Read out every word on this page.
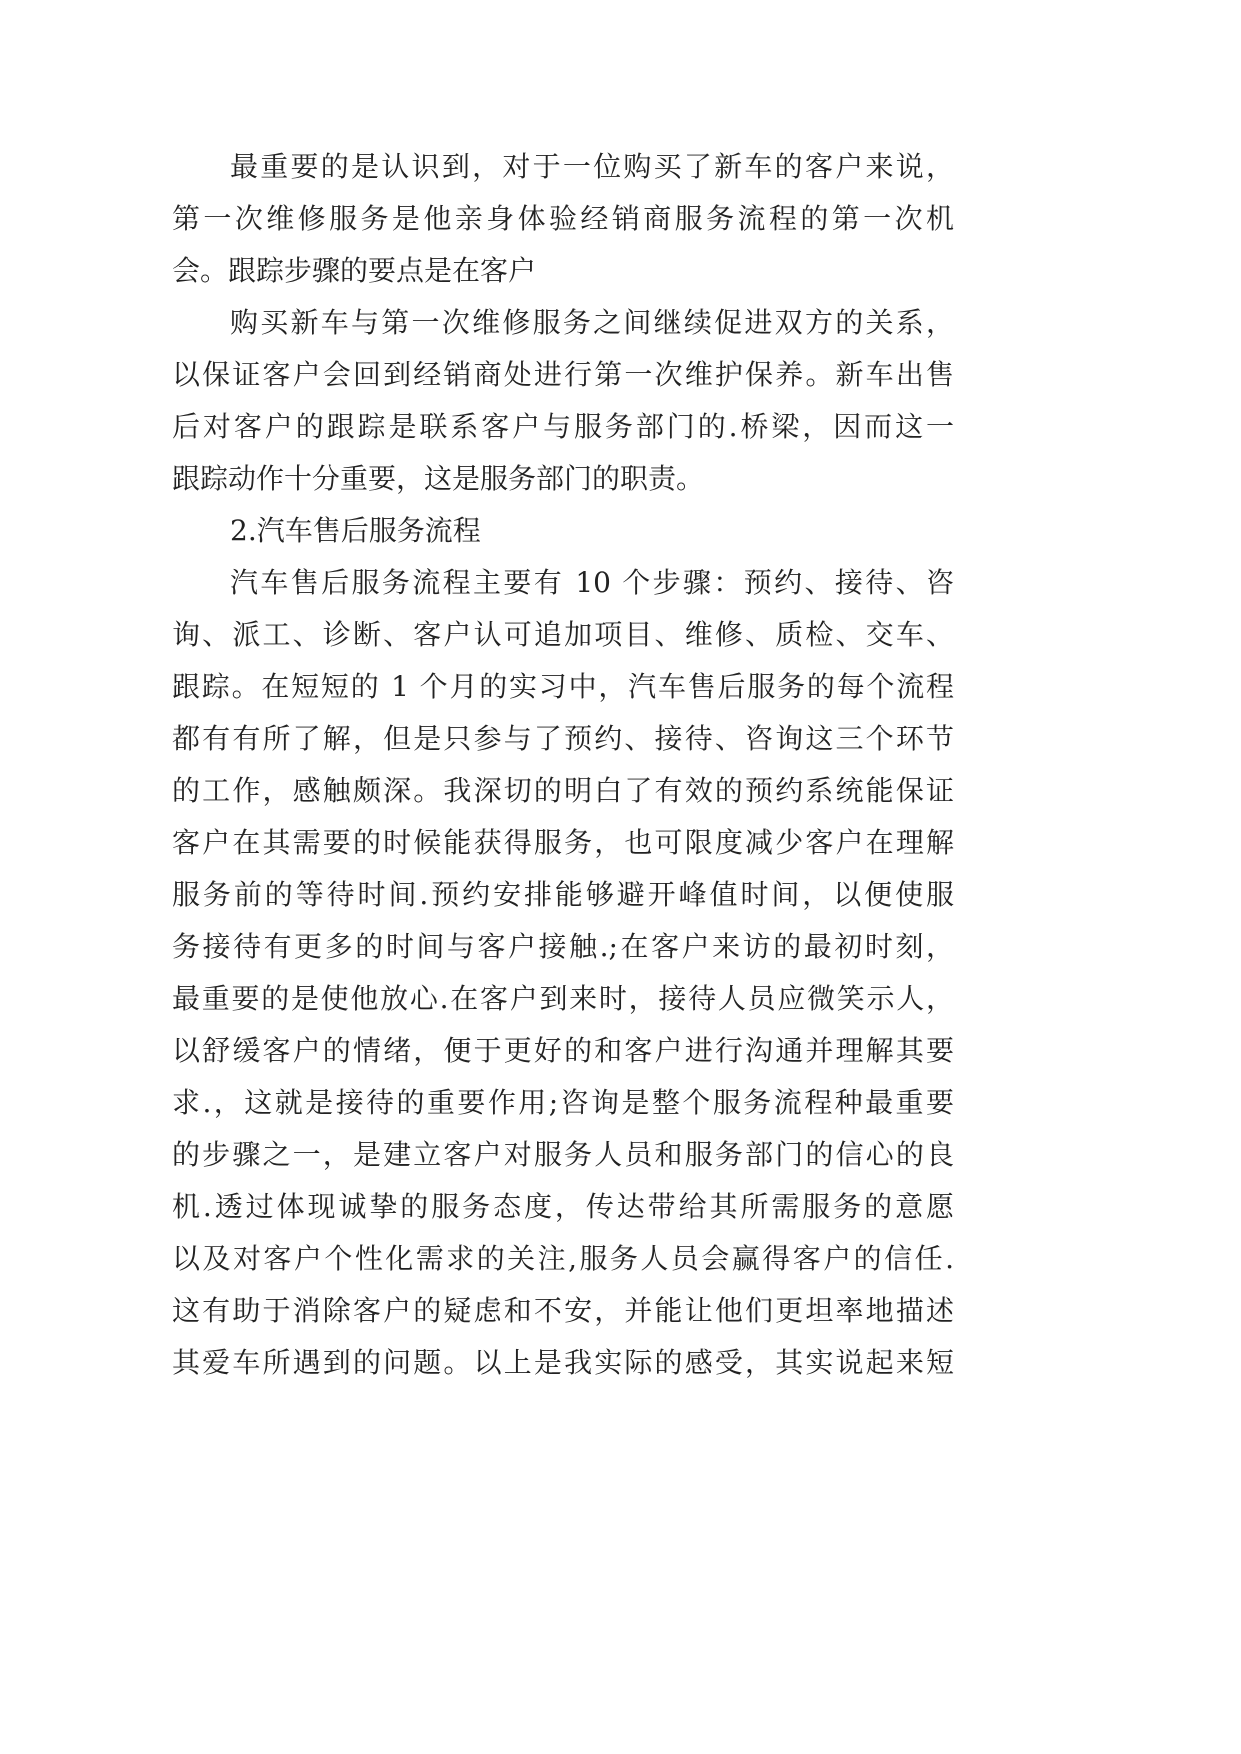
最重要的是认识到，对于一位购买了新车的客户来说，
第一次维修服务是他亲身体验经销商服务流程的第一次机
会。跟踪步骤的要点是在客户
购买新车与第一次维修服务之间继续促进双方的关系，
以保证客户会回到经销商处进行第一次维护保养。新车出售
后对客户的跟踪是联系客户与服务部门的.桥梁，因而这一
跟踪动作十分重要，这是服务部门的职责。
2.汽车售后服务流程
汽车售后服务流程主要有 10 个步骤：预约、接待、咨
询、派工、诊断、客户认可追加项目、维修、质检、交车、
跟踪。在短短的 1 个月的实习中，汽车售后服务的每个流程
都有有所了解，但是只参与了预约、接待、咨询这三个环节
的工作，感触颇深。我深切的明白了有效的预约系统能保证
客户在其需要的时候能获得服务，也可限度减少客户在理解
服务前的等待时间.预约安排能够避开峰值时间，以便使服
务接待有更多的时间与客户接触.;在客户来访的最初时刻，
最重要的是使他放心.在客户到来时，接待人员应微笑示人，
以舒缓客户的情绪，便于更好的和客户进行沟通并理解其要
求.，这就是接待的重要作用;咨询是整个服务流程种最重要
的步骤之一，是建立客户对服务人员和服务部门的信心的良
机.透过体现诚挚的服务态度，传达带给其所需服务的意愿
以及对客户个性化需求的关注,服务人员会赢得客户的信任.
这有助于消除客户的疑虑和不安，并能让他们更坦率地描述
其爱车所遇到的问题。以上是我实际的感受，其实说起来短
